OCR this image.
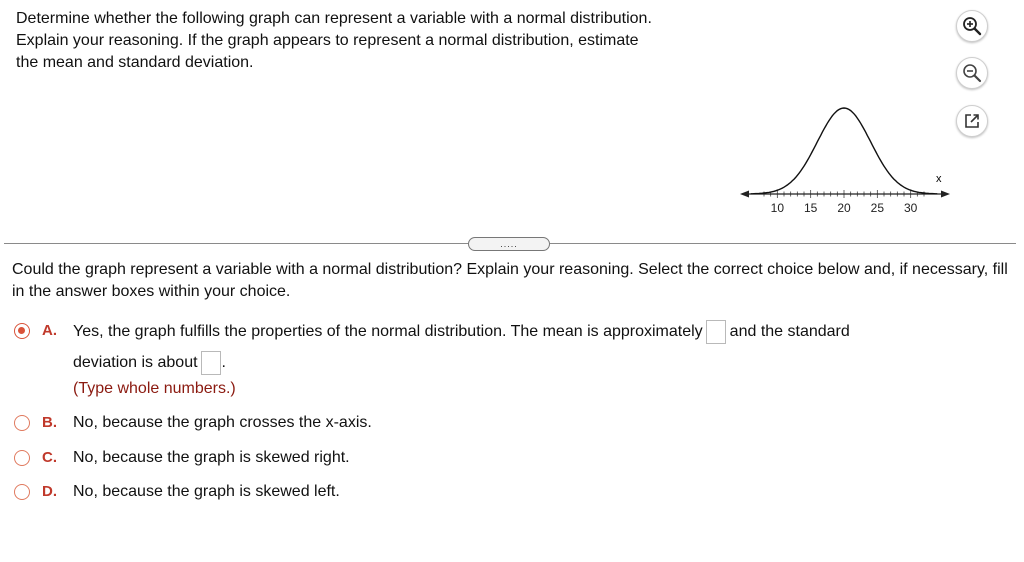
Determine whether the following graph can represent a variable with a normal distribution.
Explain your reasoning. If the graph appears to represent a normal distribution, estimate
the mean and standard deviation.

x
10 15 20 25 30
.....

Could the graph represent a variable with a normal distribution? Explain your reasoning. Select the correct choice below and, if necessary, fill in the answer boxes within your choice.

A. Yes, the graph fulfills the properties of the normal distribution. The mean is approximately and the standard
deviation is about .
(Type whole numbers.)
B. No, because the graph crosses the x-axis.
C. No, because the graph is skewed right.
D. No, because the graph is skewed left.
